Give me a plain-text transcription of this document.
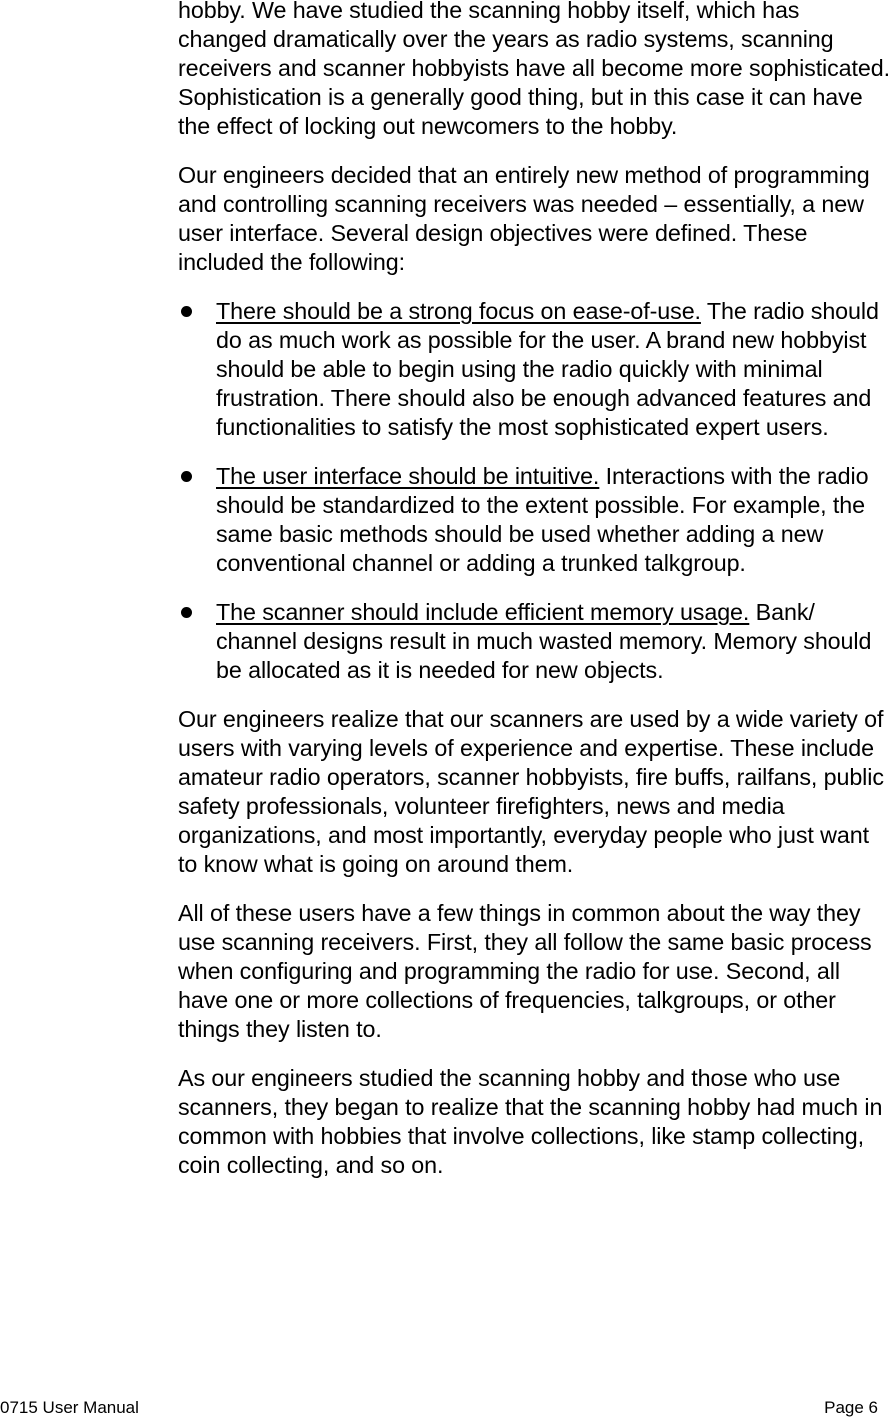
hobby. We have studied the scanning hobby itself, which has changed dramatically over the years as radio systems, scanning receivers and scanner hobbyists have all become more sophisticated. Sophistication is a generally good thing, but in this case it can have the effect of locking out newcomers to the hobby.

Our engineers decided that an entirely new method of programming and controlling scanning receivers was needed – essentially, a new user interface. Several design objectives were defined. These included the following:

There should be a strong focus on ease-of-use. The radio should do as much work as possible for the user. A brand new hobbyist should be able to begin using the radio quickly with minimal frustration. There should also be enough advanced features and functionalities to satisfy the most sophisticated expert users.
The user interface should be intuitive. Interactions with the radio should be standardized to the extent possible. For example, the same basic methods should be used whether adding a new conventional channel or adding a trunked talkgroup.
The scanner should include efficient memory usage. Bank/ channel designs result in much wasted memory. Memory should be allocated as it is needed for new objects.

Our engineers realize that our scanners are used by a wide variety of users with varying levels of experience and expertise. These include amateur radio operators, scanner hobbyists, fire buffs, railfans, public safety professionals, volunteer firefighters, news and media organizations, and most importantly, everyday people who just want to know what is going on around them.

All of these users have a few things in common about the way they use scanning receivers. First, they all follow the same basic process when configuring and programming the radio for use. Second, all have one or more collections of frequencies, talkgroups, or other things they listen to.

As our engineers studied the scanning hobby and those who use scanners, they began to realize that the scanning hobby had much in common with hobbies that involve collections, like stamp collecting, coin collecting, and so on.

0715 User Manual	Page 6
